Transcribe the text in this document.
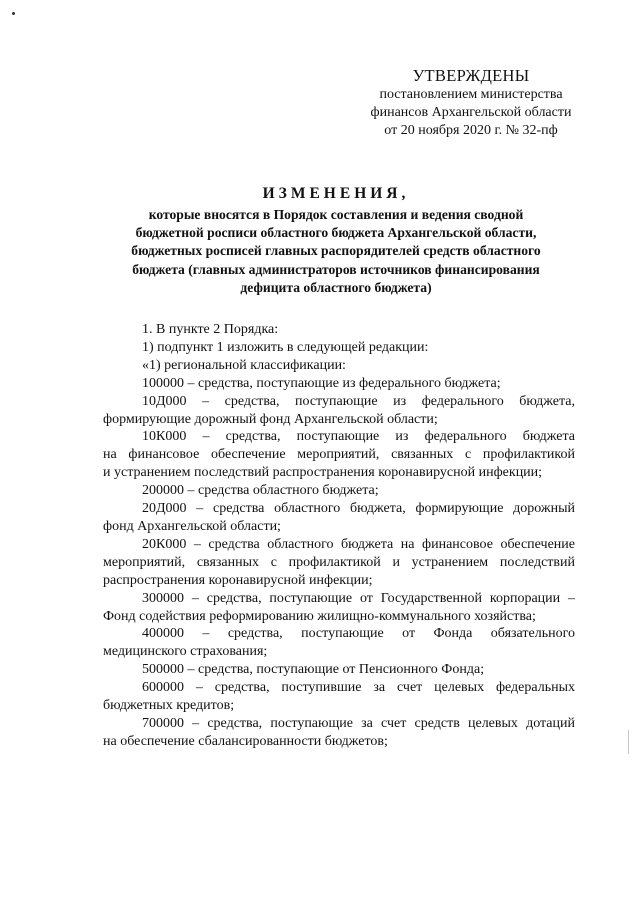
УТВЕРЖДЕНЫ
постановлением министерства
финансов Архангельской области
от 20 ноября 2020 г. № 32-пф
ИЗМЕНЕНИЯ,
которые вносятся в Порядок составления и ведения сводной
бюджетной росписи областного бюджета Архангельской области,
бюджетных росписей главных распорядителей средств областного
бюджета (главных администраторов источников финансирования
дефицита областного бюджета)

1. В пункте 2 Порядка:

1) подпункт 1 изложить в следующей редакции:

«1) региональной классификации:

100000 – средства, поступающие из федерального бюджета;

10Д000 – средства, поступающие из федерального бюджета,

формирующие дорожный фонд Архангельской области;

10К000 – средства, поступающие из федерального бюджета

на финансовое обеспечение мероприятий, связанных с профилактикой

и устранением последствий распространения коронавирусной инфекции;

200000 – средства областного бюджета;

20Д000 – средства областного бюджета, формирующие дорожный

фонд Архангельской области;

20К000 – средства областного бюджета на финансовое обеспечение

мероприятий, связанных с профилактикой и устранением последствий

распространения коронавирусной инфекции;

300000 – средства, поступающие от Государственной корпорации –

Фонд содействия реформированию жилищно-коммунального хозяйства;

400000 – средства, поступающие от Фонда обязательного

медицинского страхования;

500000 – средства, поступающие от Пенсионного Фонда;

600000 – средства, поступившие за счет целевых федеральных

бюджетных кредитов;

700000 – средства, поступающие за счет средств целевых дотаций

на обеспечение сбалансированности бюджетов;
